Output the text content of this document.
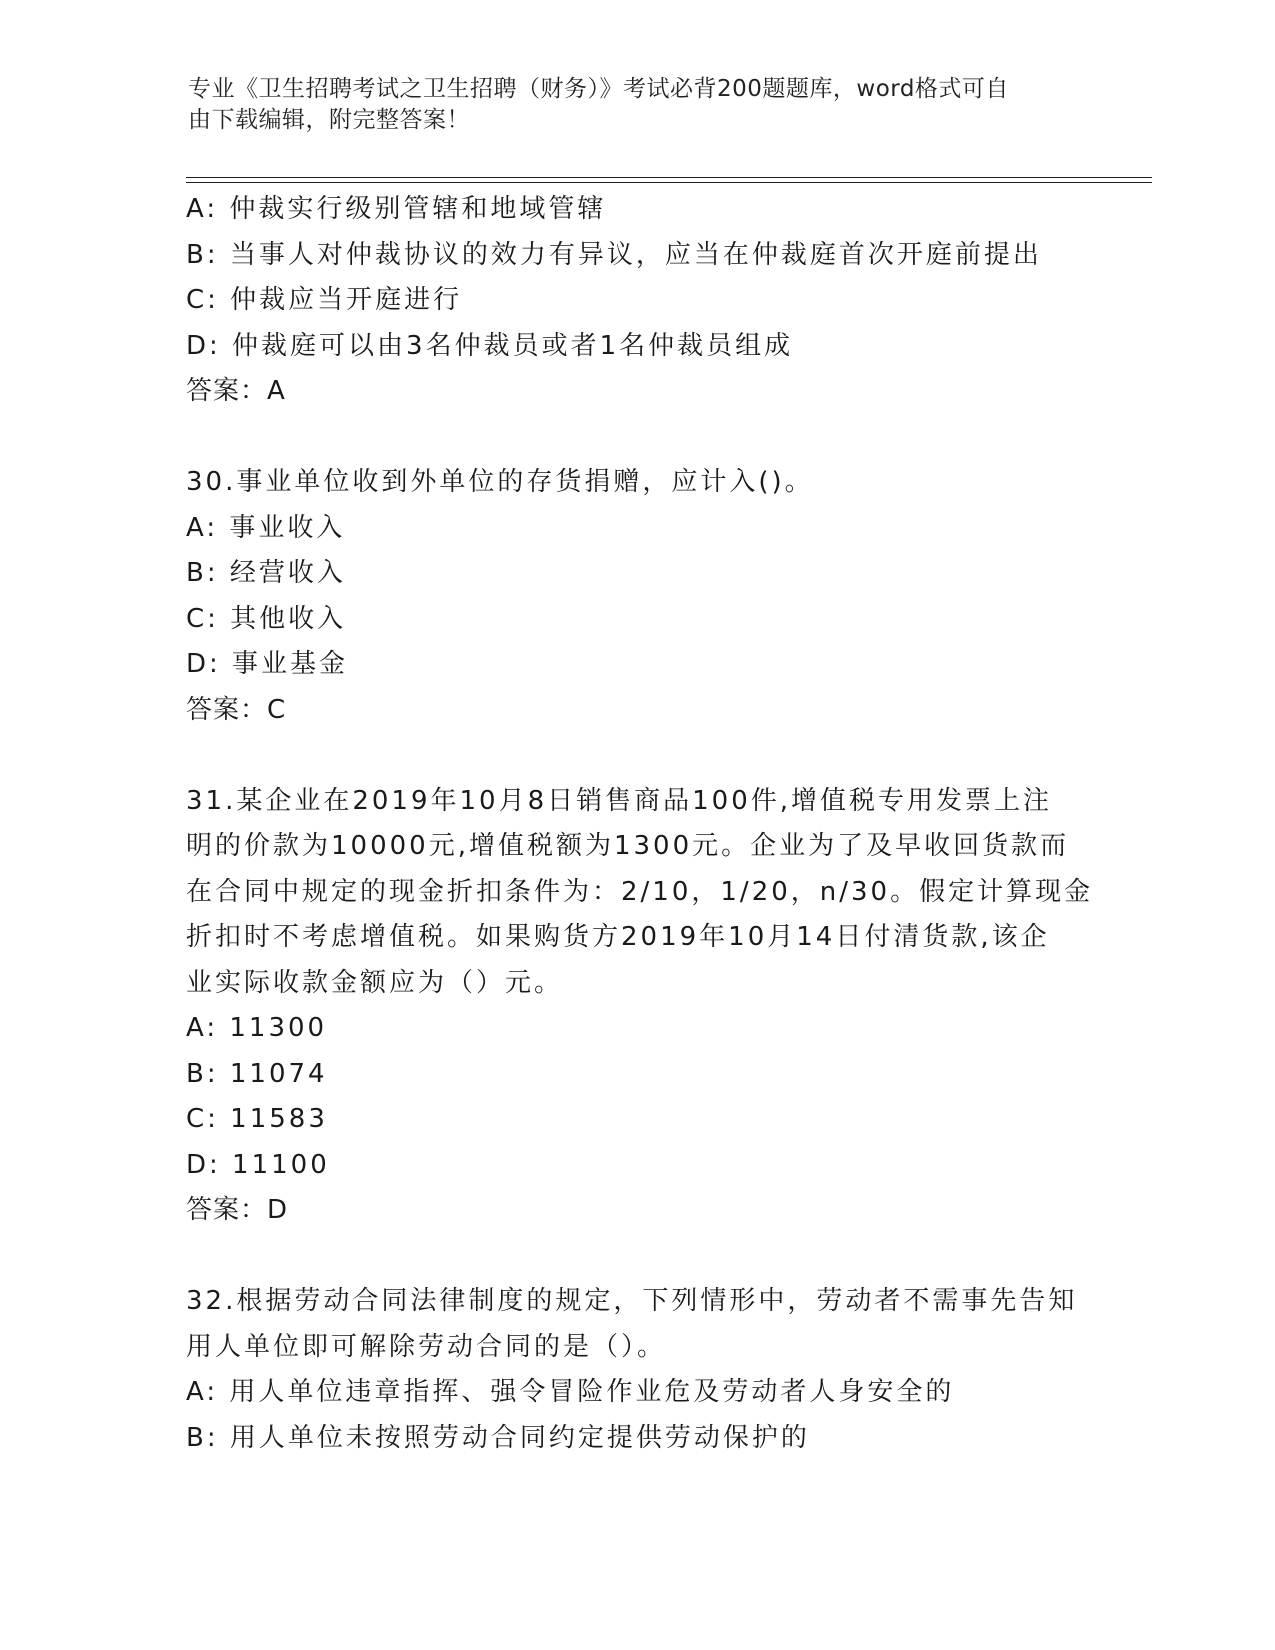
专业《卫生招聘考试之卫生招聘（财务）》考试必背200题题库，word格式可自
由下载编辑，附完整答案！
A: 仲裁实行级别管辖和地域管辖
B: 当事人对仲裁协议的效力有异议，应当在仲裁庭首次开庭前提出
C: 仲裁应当开庭进行
D: 仲裁庭可以由3名仲裁员或者1名仲裁员组成
答案：A
30.事业单位收到外单位的存货捐赠，应计入()。
A: 事业收入
B: 经营收入
C: 其他收入
D: 事业基金
答案：C
31.某企业在2019年10月8日销售商品100件,增值税专用发票上注
明的价款为10000元,增值税额为1300元。企业为了及早收回货款而
在合同中规定的现金折扣条件为：2/10，1/20，n/30。假定计算现金
折扣时不考虑增值税。如果购货方2019年10月14日付清货款,该企
业实际收款金额应为（）元。
A: 11300
B: 11074
C: 11583
D: 11100
答案：D
32.根据劳动合同法律制度的规定，下列情形中，劳动者不需事先告知
用人单位即可解除劳动合同的是（）。
A: 用人单位违章指挥、强令冒险作业危及劳动者人身安全的
B: 用人单位未按照劳动合同约定提供劳动保护的
